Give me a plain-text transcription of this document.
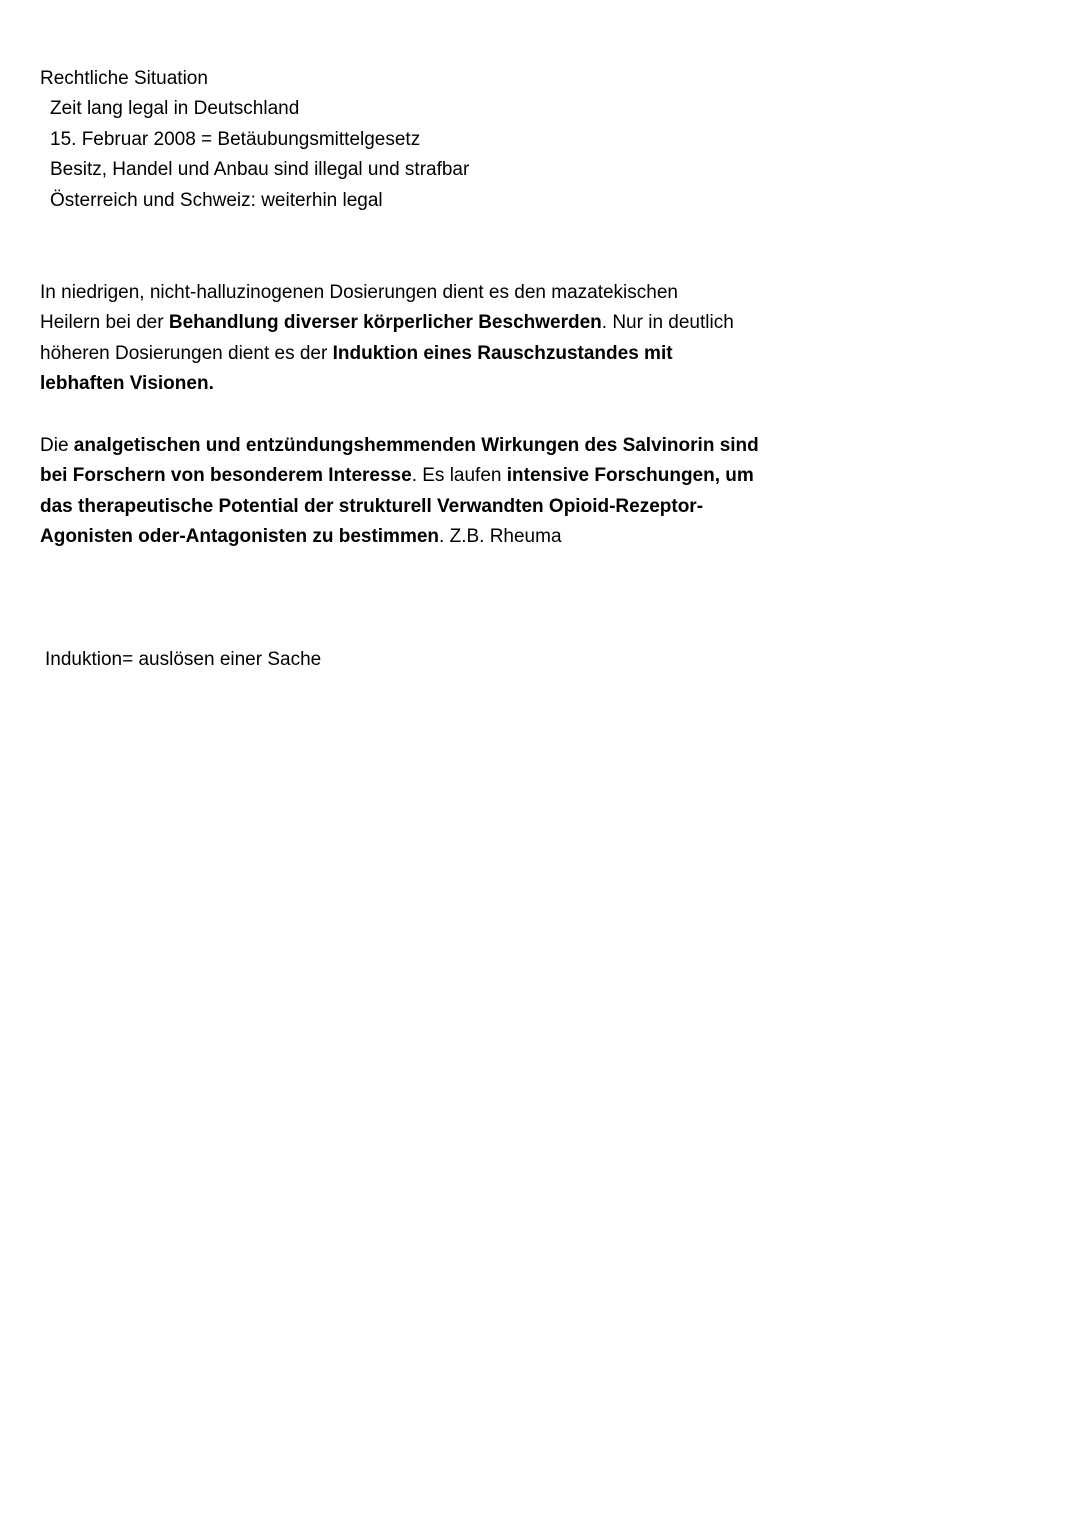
Rechtliche Situation

Zeit lang legal in Deutschland

15. Februar 2008 = Betäubungsmittelgesetz

Besitz, Handel und Anbau sind illegal und strafbar

Österreich und Schweiz: weiterhin legal

In niedrigen, nicht-halluzinogenen Dosierungen dient es den mazatekischen

Heilern bei der Behandlung diverser körperlicher Beschwerden. Nur in deutlich

höheren Dosierungen dient es der Induktion eines Rauschzustandes mit

lebhaften Visionen.

Die analgetischen und entzündungshemmenden Wirkungen des Salvinorin sind

bei Forschern von besonderem Interesse. Es laufen intensive Forschungen, um

das therapeutische Potential der strukturell Verwandten Opioid-Rezeptor-

Agonisten oder-Antagonisten zu bestimmen. Z.B. Rheuma

Induktion= auslösen einer Sache
